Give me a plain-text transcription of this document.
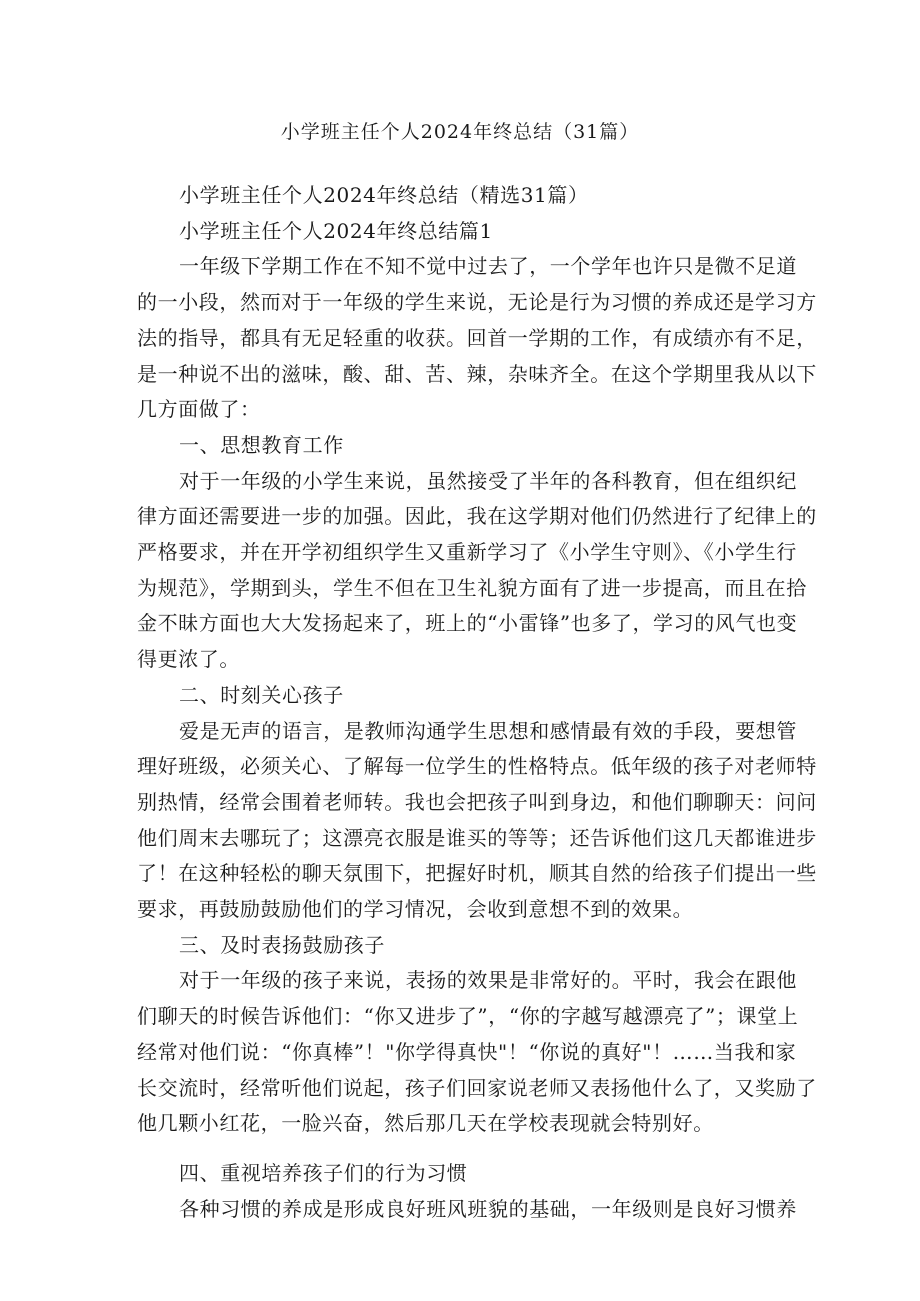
小学班主任个人2024年终总结（31篇）

小学班主任个人2024年终总结（精选31篇）

小学班主任个人2024年终总结篇1

一年级下学期工作在不知不觉中过去了，一个学年也许只是微不足道

的一小段，然而对于一年级的学生来说，无论是行为习惯的养成还是学习方

法的指导，都具有无足轻重的收获。回首一学期的工作，有成绩亦有不足，

是一种说不出的滋味，酸、甜、苦、辣，杂味齐全。在这个学期里我从以下

几方面做了：

一、思想教育工作

对于一年级的小学生来说，虽然接受了半年的各科教育，但在组织纪

律方面还需要进一步的加强。因此，我在这学期对他们仍然进行了纪律上的

严格要求，并在开学初组织学生又重新学习了《小学生守则》、《小学生行

为规范》，学期到头，学生不但在卫生礼貌方面有了进一步提高，而且在拾

金不昧方面也大大发扬起来了，班上的“小雷锋”也多了，学习的风气也变

得更浓了。

二、时刻关心孩子

爱是无声的语言，是教师沟通学生思想和感情最有效的手段，要想管

理好班级，必须关心、了解每一位学生的性格特点。低年级的孩子对老师特

别热情，经常会围着老师转。我也会把孩子叫到身边，和他们聊聊天：问问

他们周末去哪玩了；这漂亮衣服是谁买的等等；还告诉他们这几天都谁进步

了！在这种轻松的聊天氛围下，把握好时机，顺其自然的给孩子们提出一些

要求，再鼓励鼓励他们的学习情况，会收到意想不到的效果。

三、及时表扬鼓励孩子

对于一年级的孩子来说，表扬的效果是非常好的。平时，我会在跟他

们聊天的时候告诉他们：“你又进步了”，“你的字越写越漂亮了”；课堂上

经常对他们说：“你真棒”！"你学得真快"！“你说的真好"！……当我和家

长交流时，经常听他们说起，孩子们回家说老师又表扬他什么了，又奖励了

他几颗小红花，一脸兴奋，然后那几天在学校表现就会特别好。

四、重视培养孩子们的行为习惯

各种习惯的养成是形成良好班风班貌的基础，一年级则是良好习惯养
